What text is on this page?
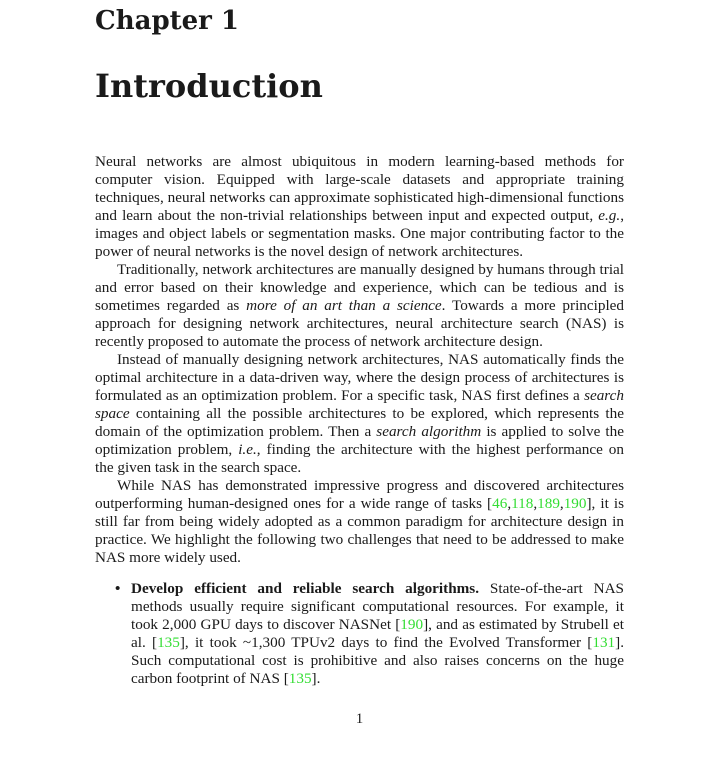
Chapter 1
Introduction

Neural networks are almost ubiquitous in modern learning-based methods for computer vision. Equipped with large-scale datasets and appropriate training techniques, neural networks can approximate sophisticated high-dimensional functions and learn about the non-trivial relationships between input and expected output, e.g., images and object labels or segmentation masks. One major contributing factor to the power of neural networks is the novel design of network architectures.

Traditionally, network architectures are manually designed by humans through trial and error based on their knowledge and experience, which can be tedious and is sometimes regarded as more of an art than a science. Towards a more principled approach for designing network architectures, neural architecture search (NAS) is recently proposed to automate the process of network architecture design.

Instead of manually designing network architectures, NAS automatically finds the optimal architecture in a data-driven way, where the design process of architectures is formulated as an optimization problem. For a specific task, NAS first defines a search space containing all the possible architectures to be explored, which represents the domain of the optimization problem. Then a search algorithm is applied to solve the optimization problem, i.e., finding the architecture with the highest performance on the given task in the search space.

While NAS has demonstrated impressive progress and discovered architectures outperforming human-designed ones for a wide range of tasks [46,118,189,190], it is still far from being widely adopted as a common paradigm for architecture design in practice. We highlight the following two challenges that need to be addressed to make NAS more widely used.

• Develop efficient and reliable search algorithms. State-of-the-art NAS methods usually require significant computational resources. For example, it took 2,000 GPU days to discover NASNet [190], and as estimated by Strubell et al. [135], it took ~1,300 TPUv2 days to find the Evolved Transformer [131]. Such computational cost is prohibitive and also raises concerns on the huge carbon footprint of NAS [135].
1
